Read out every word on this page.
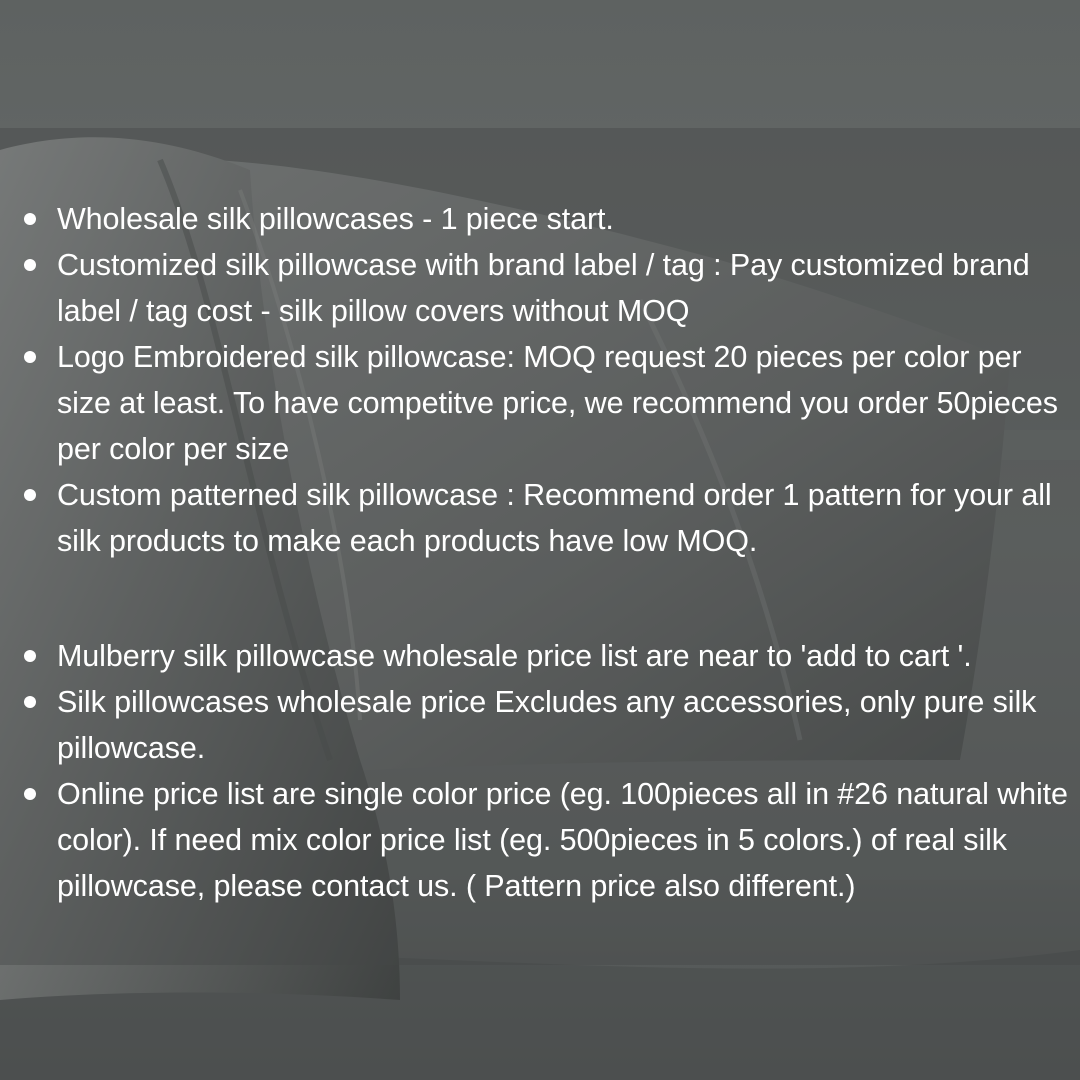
Wholesale silk pillowcases - 1 piece start.
Customized silk pillowcase with brand label / tag : Pay customized brand label / tag cost - silk pillow covers without MOQ
Logo Embroidered silk pillowcase: MOQ request 20 pieces per color per size at least. To have competitve price, we recommend you order 50pieces per color per size
Custom patterned silk pillowcase : Recommend order 1 pattern for your all silk products to make each products have low MOQ.
Mulberry silk pillowcase wholesale price list are near to 'add to cart '.
Silk pillowcases wholesale price Excludes any accessories, only pure silk pillowcase.
Online price list are single color price (eg. 100pieces all in #26 natural white color). If need mix color price list (eg. 500pieces in 5 colors.) of real silk pillowcase, please contact us. ( Pattern price also different.)
